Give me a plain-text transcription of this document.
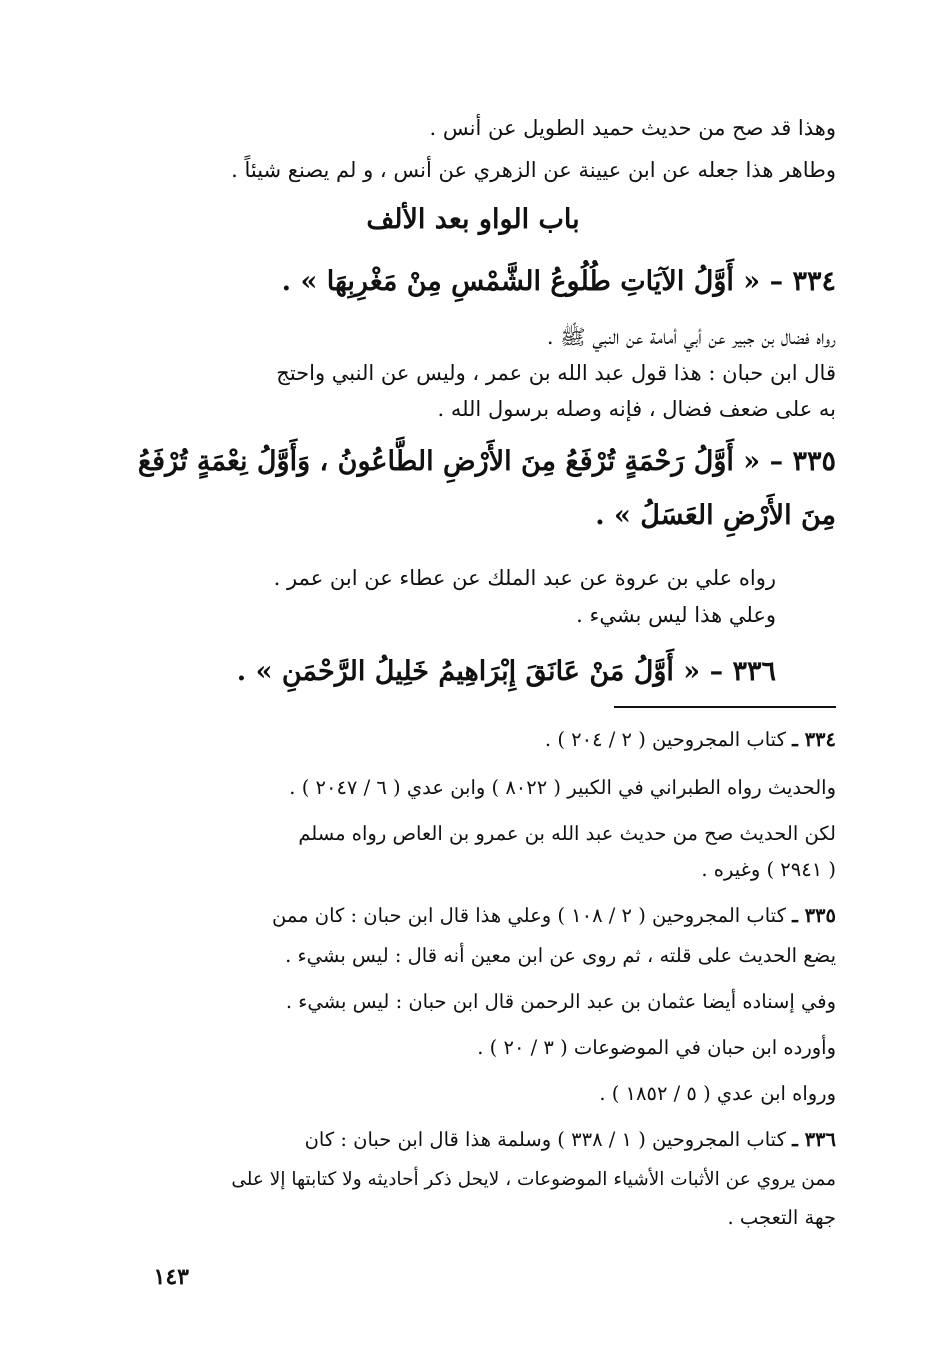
وهذا قد صح من حديث حميد الطويل عن أنس .
وطاهر هذا جعله عن ابن عيينة عن الزهري عن أنس ، و لم يصنع شيئاً .
باب الواو بعد الألف
٣٣٤ – « أَوَّلُ الآيَاتِ طُلُوعُ الشَّمْسِ مِنْ مَغْرِبِهَا » .
رواه فضال بن جبير عن أبي أمامة عن النبي ﷺ .
قال ابن حبان : هذا قول عبد الله بن عمر ، وليس عن النبي واحتج
به على ضعف فضال ، فإنه وصله برسول الله .
٣٣٥ – « أَوَّلُ رَحْمَةٍ تُرْفَعُ مِنَ الأَرْضِ الطَّاعُونُ ، وَأَوَّلُ نِعْمَةٍ تُرْفَعُ
مِنَ الأَرْضِ العَسَلُ » .
رواه علي بن عروة عن عبد الملك عن عطاء عن ابن عمر .
وعلي هذا ليس بشيء .
٣٣٦ – « أَوَّلُ مَنْ عَانَقَ إِبْرَاهِيمُ خَلِيلُ الرَّحْمَنِ » .
٣٣٤ ـ كتاب المجروحين ( ٢ / ٢٠٤ ) .
والحديث رواه الطبراني في الكبير ( ٨٠٢٢ ) وابن عدي ( ٦ / ٢٠٤٧ ) .
لكن الحديث صح من حديث عبد الله بن عمرو بن العاص رواه مسلم
( ٢٩٤١ ) وغيره .
٣٣٥ ـ كتاب المجروحين ( ٢ / ١٠٨ ) وعلي هذا قال ابن حبان : كان ممن
يضع الحديث على قلته ، ثم روى عن ابن معين أنه قال : ليس بشيء .
وفي إسناده أيضا عثمان بن عبد الرحمن قال ابن حبان : ليس بشيء .
وأورده ابن حبان في الموضوعات ( ٣ / ٢٠ ) .
ورواه ابن عدي ( ٥ / ١٨٥٢ ) .
٣٣٦ ـ كتاب المجروحين ( ١ / ٣٣٨ ) وسلمة هذا قال ابن حبان : كان
ممن يروي عن الأثبات الأشياء الموضوعات ، لايحل ذكر أحاديثه ولا كتابتها إلا على
جهة التعجب .
١٤٣
